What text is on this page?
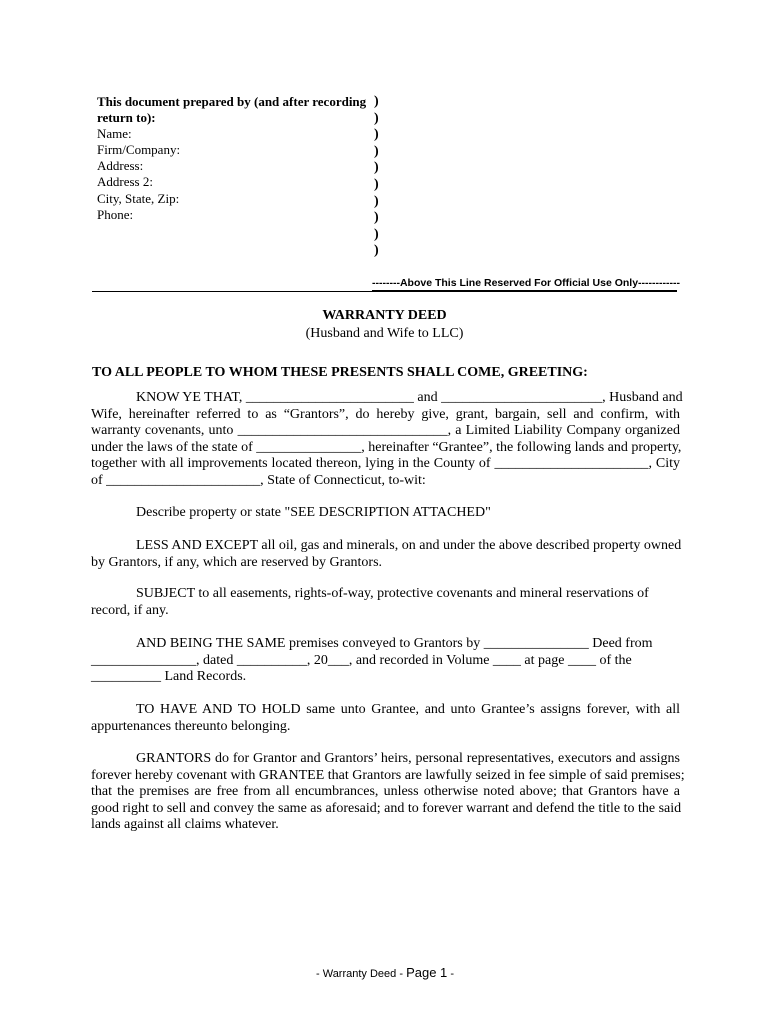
This document prepared by (and after recording
return to):
Name:
Firm/Company:
Address:
Address 2:
City, State, Zip:
Phone:
)
)
)
)
)
)
)
)
)
)
--------Above This Line Reserved For Official Use Only------------
WARRANTY DEED
(Husband and Wife to LLC)
TO ALL PEOPLE TO WHOM THESE PRESENTS SHALL COME, GREETING:
KNOW YE THAT, ________________________ and _______________________, Husband and
Wife, hereinafter referred to as “Grantors”, do hereby give, grant, bargain, sell and confirm, with
warranty covenants, unto ______________________________, a Limited Liability Company organized
under the laws of the state of _______________, hereinafter “Grantee”, the following lands and property,
together with all improvements located thereon, lying in the County of ______________________, City
of ______________________, State of Connecticut, to-wit:
Describe property or state "SEE DESCRIPTION ATTACHED"
LESS AND EXCEPT all oil, gas and minerals, on and under the above described property owned
by Grantors, if any, which are reserved by Grantors.
SUBJECT to all easements, rights-of-way, protective covenants and mineral reservations of
record, if any.
AND BEING THE SAME premises conveyed to Grantors by _______________ Deed from
_______________, dated __________, 20___, and recorded in Volume ____ at page ____ of the
__________ Land Records.
TO HAVE AND TO HOLD same unto Grantee, and unto Grantee’s assigns forever, with all
appurtenances thereunto belonging.
GRANTORS do for Grantor and Grantors’ heirs, personal representatives, executors and assigns
forever hereby covenant with GRANTEE that Grantors are lawfully seized in fee simple of said premises;
that the premises are free from all encumbrances, unless otherwise noted above; that Grantors have a
good right to sell and convey the same as aforesaid; and to forever warrant and defend the title to the said
lands against all claims whatever.
- Warranty Deed - Page 1 -
